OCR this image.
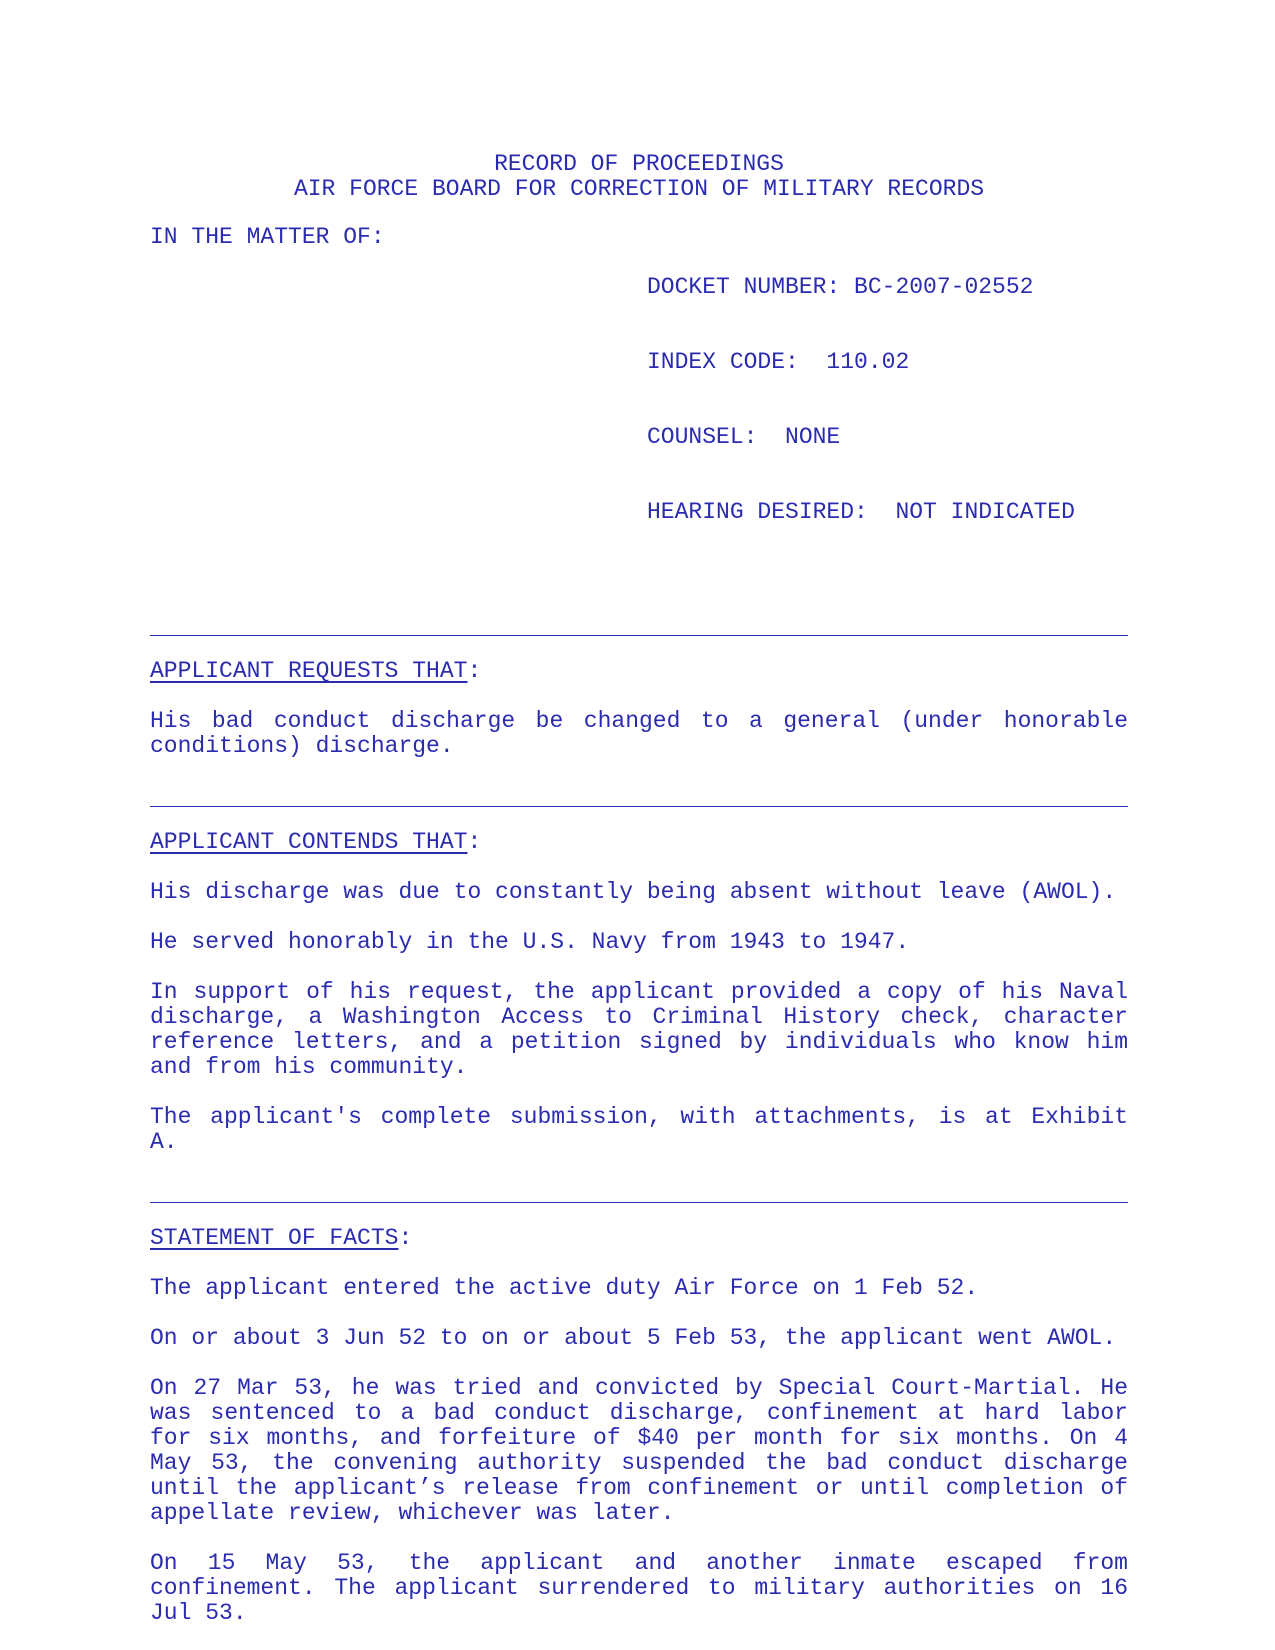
RECORD OF PROCEEDINGS
AIR FORCE BOARD FOR CORRECTION OF MILITARY RECORDS
IN THE MATTER OF:

DOCKET NUMBER: BC-2007-02552

INDEX CODE:  110.02

COUNSEL:  NONE

HEARING DESIRED:  NOT INDICATED

APPLICANT REQUESTS THAT:
His bad conduct discharge be changed to a general (under honorable conditions) discharge.
APPLICANT CONTENDS THAT:
His discharge was due to constantly being absent without leave (AWOL).
He served honorably in the U.S. Navy from 1943 to 1947.
In support of his request, the applicant provided a copy of his Naval discharge, a Washington Access to Criminal History check, character reference letters, and a petition signed by individuals who know him and from his community.
The applicant's complete submission, with attachments, is at Exhibit A.
STATEMENT OF FACTS:
The applicant entered the active duty Air Force on 1 Feb 52.
On or about 3 Jun 52 to on or about 5 Feb 53, the applicant went AWOL.
On 27 Mar 53, he was tried and convicted by Special Court-Martial. He was sentenced to a bad conduct discharge, confinement at hard labor for six months, and forfeiture of $40 per month for six months. On 4 May 53, the convening authority suspended the bad conduct discharge until the applicant’s release from confinement or until completion of appellate review, whichever was later.
On 15 May 53, the applicant and another inmate escaped from confinement. The applicant surrendered to military authorities on 16 Jul 53.
